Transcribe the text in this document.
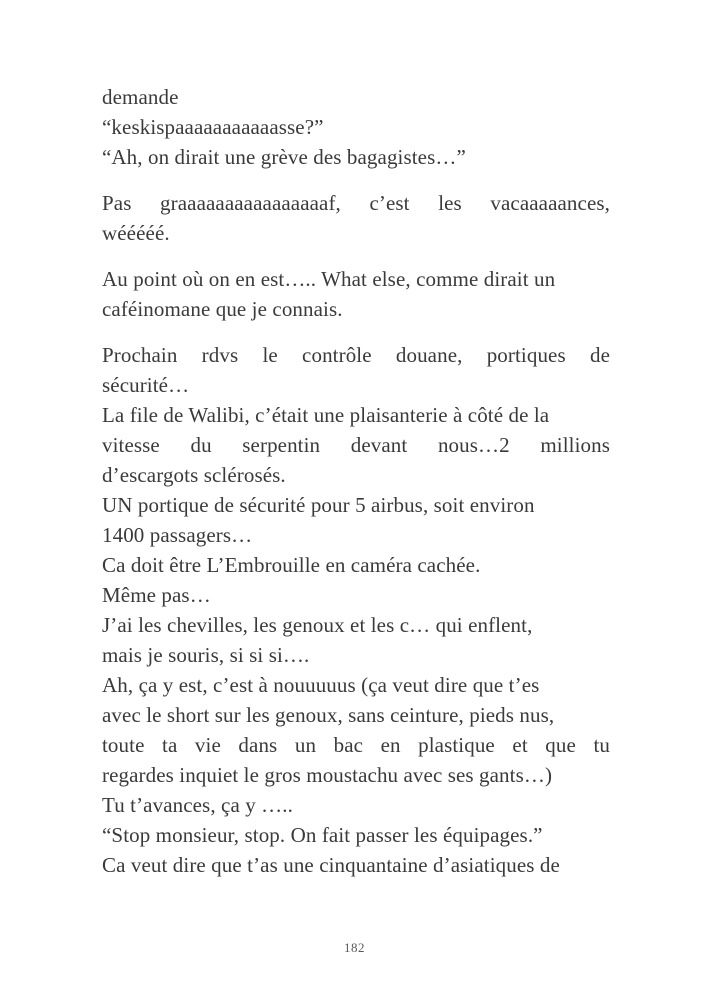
demande
“keskispaaaaaaaaaaasse?”
“Ah, on dirait une grève des bagagistes…”
Pas graaaaaaaaaaaaaaaaf, c’est les vacaaaaances,
wééééé.
Au point où on en est….. What else, comme dirait un
caféinomane que je connais.
Prochain rdvs le contrôle douane, portiques de
sécurité…
La file de Walibi, c’était une plaisanterie à côté de la
vitesse du serpentin devant nous…2 millions
d’escargots sclérosés.
UN portique de sécurité pour 5 airbus, soit environ
1400 passagers…
Ca doit être L’Embrouille en caméra cachée.
Même pas…
J’ai les chevilles, les genoux et les c… qui enflent,
mais je souris, si si si….
Ah, ça y est, c’est à nouuuuus (ça veut dire que t’es
avec le short sur les genoux, sans ceinture, pieds nus,
toute ta vie dans un bac en plastique et que tu
regardes inquiet le gros moustachu avec ses gants…)
Tu t’avances, ça y …..
“Stop monsieur, stop. On fait passer les équipages.”
Ca veut dire que t’as une cinquantaine d’asiatiques de
182
